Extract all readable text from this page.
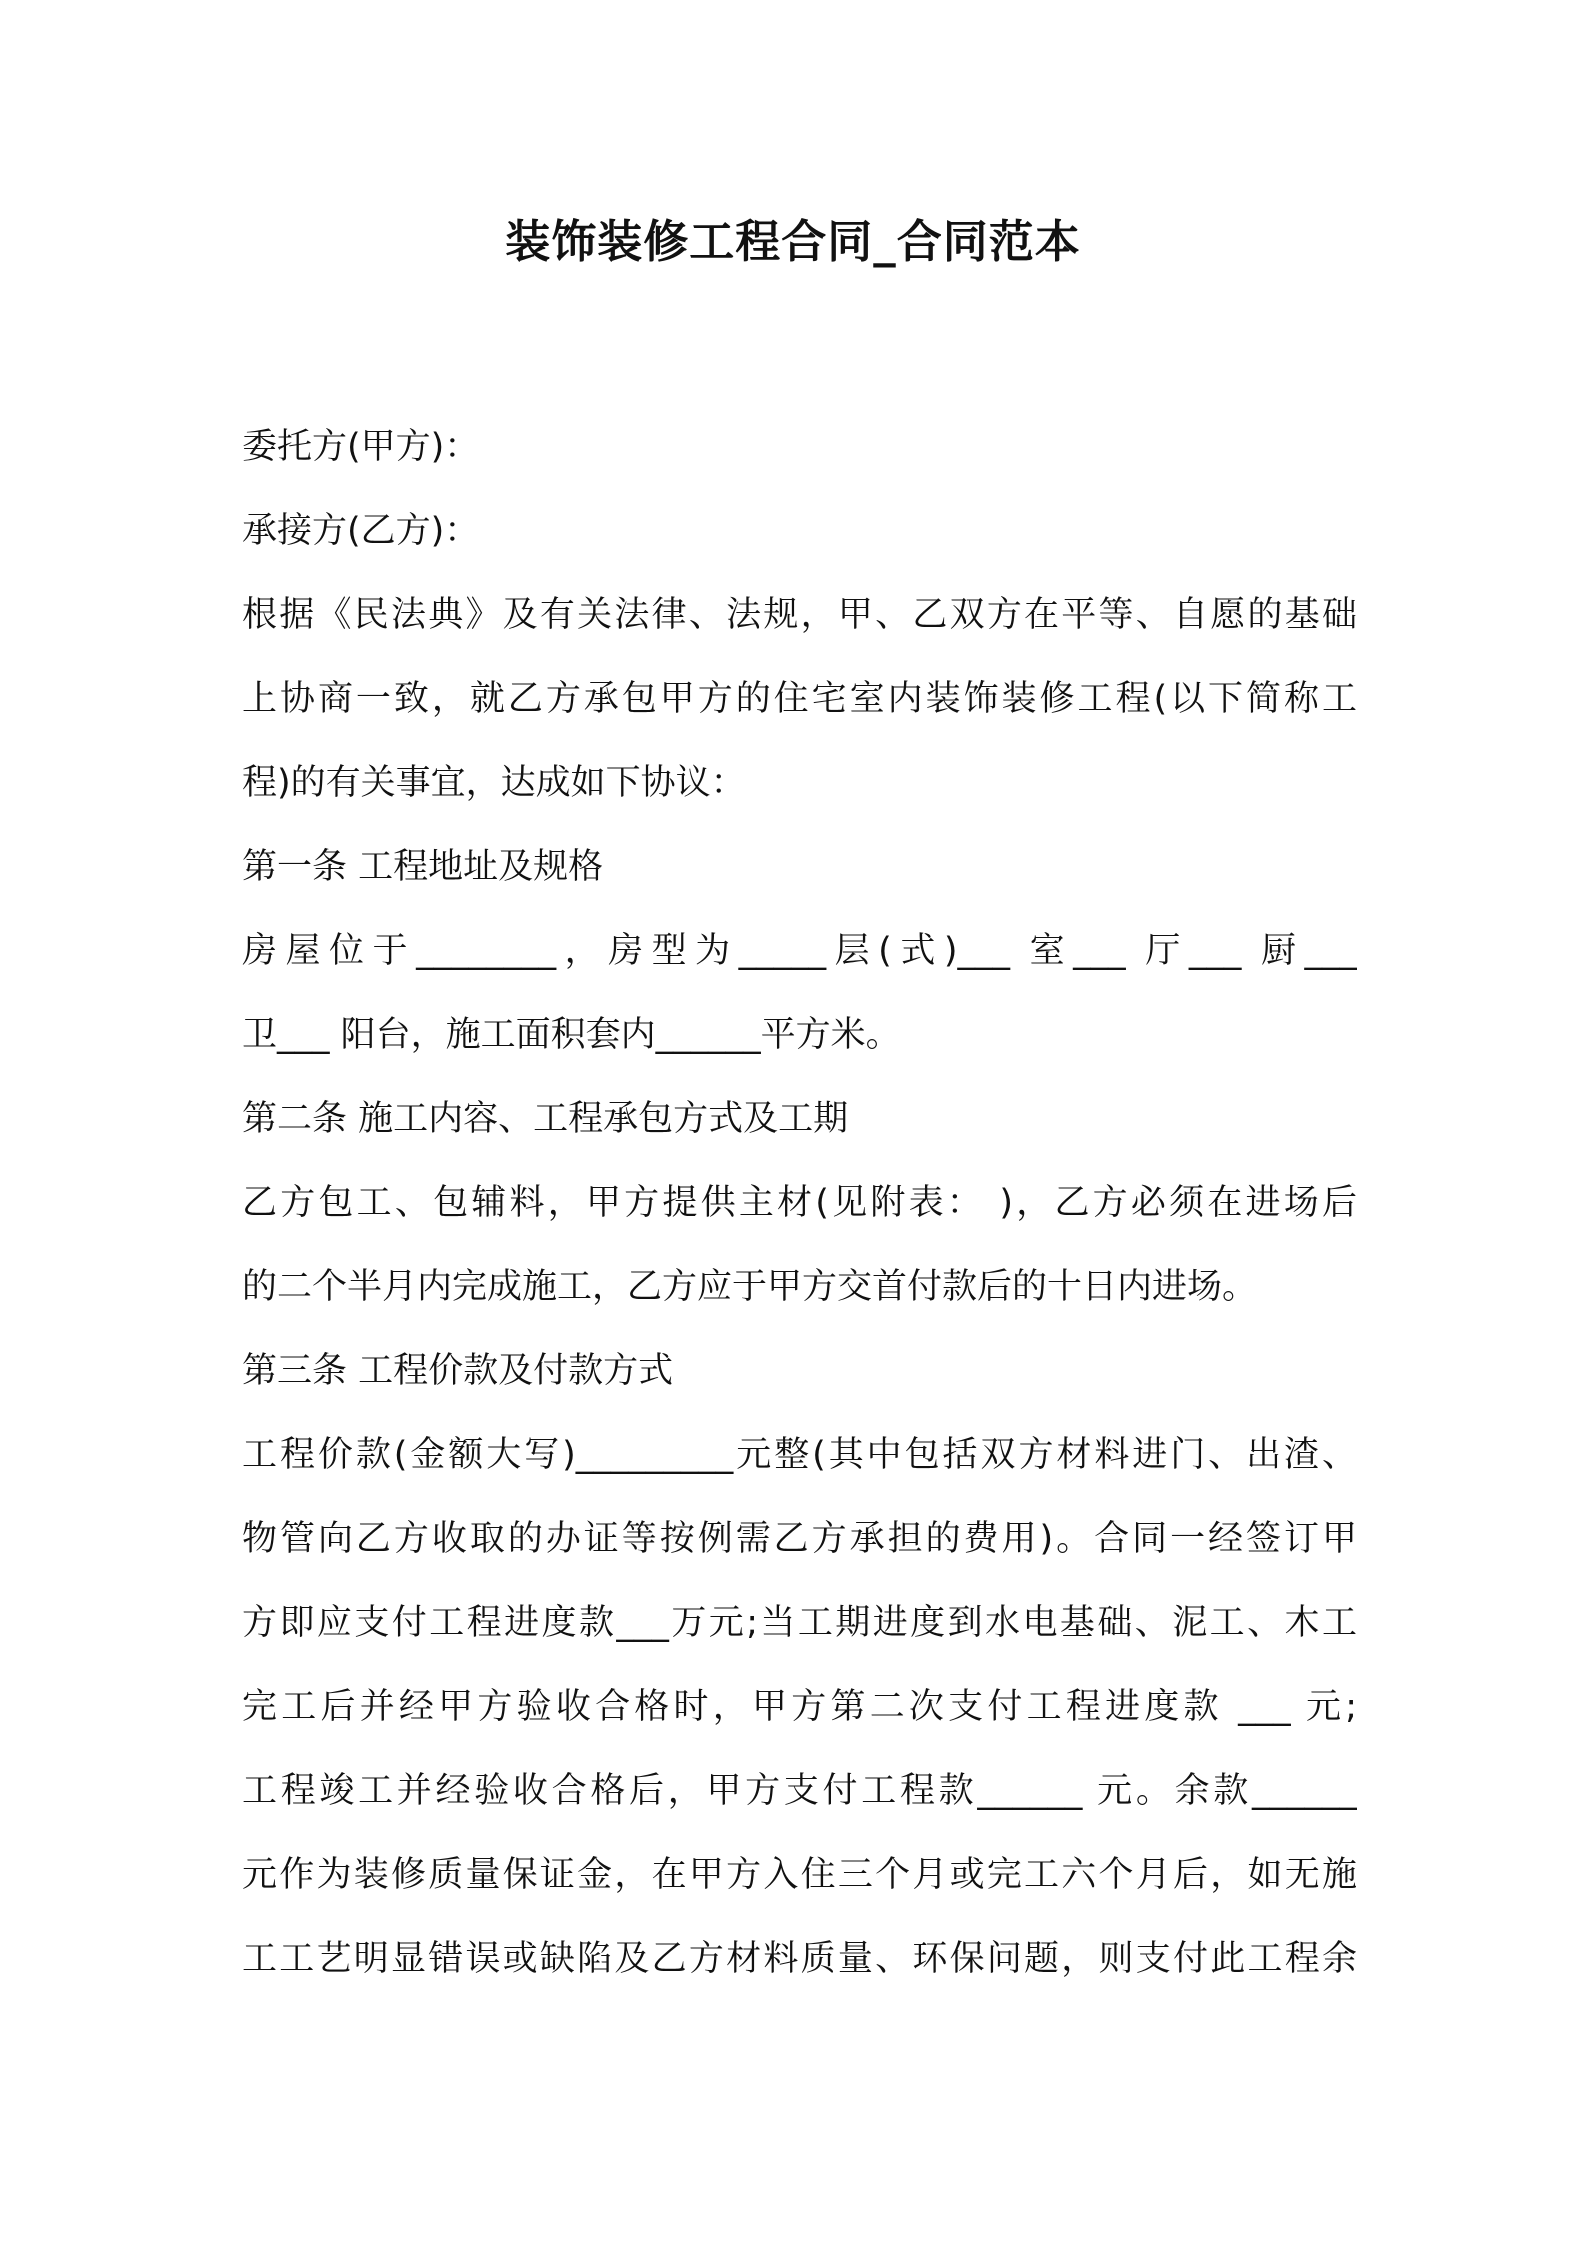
装饰装修工程合同_合同范本
委托方(甲方)：
承接方(乙方)：
根据《民法典》及有关法律、法规，甲、乙双方在平等、自愿的基础
上协商一致，就乙方承包甲方的住宅室内装饰装修工程(以下简称工
程)的有关事宜，达成如下协议：
第一条 工程地址及规格
房屋位于________，房型为_____层(式)___ 室___ 厅___ 厨___
卫___ 阳台，施工面积套内______平方米。
第二条 施工内容、工程承包方式及工期
乙方包工、包辅料，甲方提供主材(见附表： )，乙方必须在进场后
的二个半月内完成施工，乙方应于甲方交首付款后的十日内进场。
第三条 工程价款及付款方式
工程价款(金额大写)_________元整(其中包括双方材料进门、出渣、
物管向乙方收取的办证等按例需乙方承担的费用)。合同一经签订甲
方即应支付工程进度款___万元;当工期进度到水电基础、泥工、木工
完工后并经甲方验收合格时，甲方第二次支付工程进度款 ___ 元;
工程竣工并经验收合格后，甲方支付工程款______ 元。余款______
元作为装修质量保证金，在甲方入住三个月或完工六个月后，如无施
工工艺明显错误或缺陷及乙方材料质量、环保问题，则支付此工程余
